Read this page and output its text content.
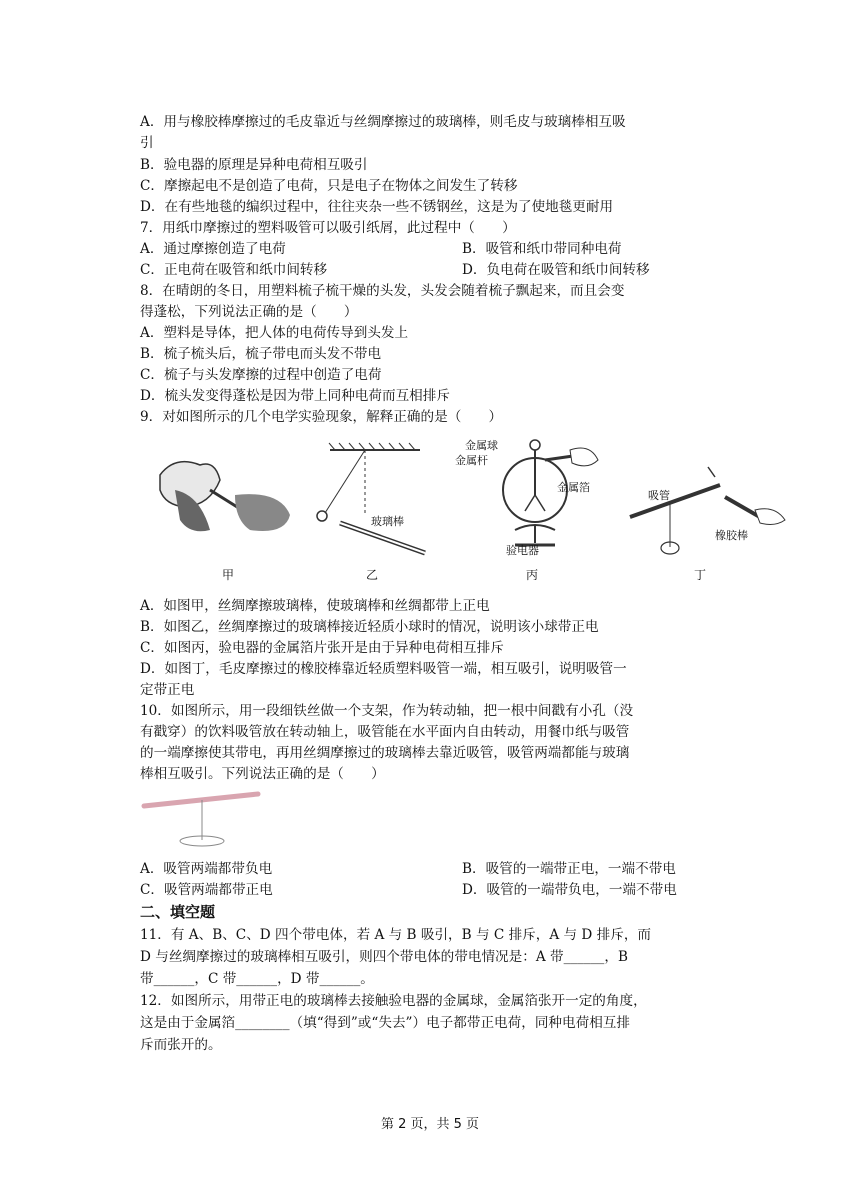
A．用与橡胶棒摩擦过的毛皮靠近与丝绸摩擦过的玻璃棒，则毛皮与玻璃棒相互吸
引
B．验电器的原理是异种电荷相互吸引
C．摩擦起电不是创造了电荷，只是电子在物体之间发生了转移
D．在有些地毯的编织过程中，往往夹杂一些不锈钢丝，这是为了使地毯更耐用
7．用纸巾摩擦过的塑料吸管可以吸引纸屑，此过程中（　　）
A．通过摩擦创造了电荷	B．吸管和纸巾带同种电荷
C．正电荷在吸管和纸巾间转移	D．负电荷在吸管和纸巾间转移
8．在晴朗的冬日，用塑料梳子梳干燥的头发，头发会随着梳子飘起来，而且会变
得蓬松，下列说法正确的是（　　）
A．塑料是导体，把人体的电荷传导到头发上
B．梳子梳头后，梳子带电而头发不带电
C．梳子与头发摩擦的过程中创造了电荷
D．梳头发变得蓬松是因为带上同种电荷而互相排斥
9．对如图所示的几个电学实验现象，解释正确的是（　　）
玻璃棒
金属球
金属杆
金属箔
验电器
吸管
橡胶棒
甲	乙	丙	丁
A．如图甲，丝绸摩擦玻璃棒，使玻璃棒和丝绸都带上正电
B．如图乙，丝绸摩擦过的玻璃棒接近轻质小球时的情况，说明该小球带正电
C．如图丙，验电器的金属箔片张开是由于异种电荷相互排斥
D．如图丁，毛皮摩擦过的橡胶棒靠近轻质塑料吸管一端，相互吸引，说明吸管一
定带正电
10．如图所示，用一段细铁丝做一个支架，作为转动轴，把一根中间戳有小孔（没
有戳穿）的饮料吸管放在转动轴上，吸管能在水平面内自由转动，用餐巾纸与吸管
的一端摩擦使其带电，再用丝绸摩擦过的玻璃棒去靠近吸管，吸管两端都能与玻璃
棒相互吸引。下列说法正确的是（　　）
A．吸管两端都带负电	B．吸管的一端带正电，一端不带电
C．吸管两端都带正电	D．吸管的一端带负电，一端不带电
二、填空题
11．有 A、B、C、D 四个带电体，若 A 与 B 吸引，B 与 C 排斥，A 与 D 排斥，而
D 与丝绸摩擦过的玻璃棒相互吸引，则四个带电体的带电情况是：A 带______，B
带______，C 带______，D 带______。
12．如图所示，用带正电的玻璃棒去接触验电器的金属球，金属箔张开一定的角度，
这是由于金属箔________（填“得到”或“失去”）电子都带正电荷，同种电荷相互排
斥而张开的。
第 2 页，共 5 页
